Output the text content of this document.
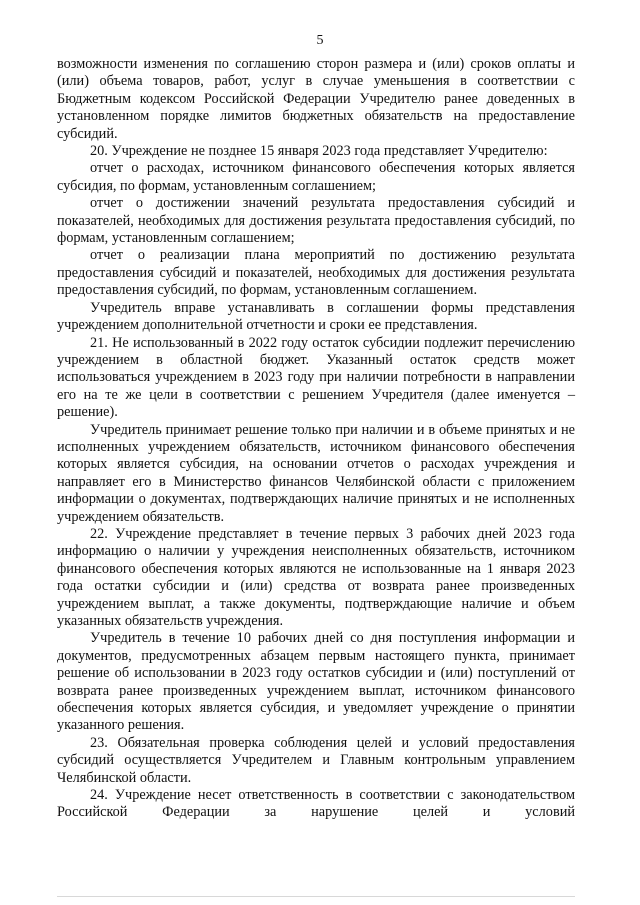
5

возможности изменения по соглашению сторон размера и (или) сроков оплаты и (или) объема товаров, работ, услуг в случае уменьшения в соответствии с Бюджетным кодексом Российской Федерации Учредителю ранее доведенных в установленном порядке лимитов бюджетных обязательств на предоставление субсидий.

20. Учреждение не позднее 15 января 2023 года представляет Учредителю:

отчет о расходах, источником финансового обеспечения которых является субсидия, по формам, установленным соглашением;

отчет о достижении значений результата предоставления субсидий и показателей, необходимых для достижения результата предоставления субсидий, по формам, установленным соглашением;

отчет о реализации плана мероприятий по достижению результата предоставления субсидий и показателей, необходимых для достижения результата предоставления субсидий, по формам, установленным соглашением.

Учредитель вправе устанавливать в соглашении формы представления учреждением дополнительной отчетности и сроки ее представления.

21. Не использованный в 2022 году остаток субсидии подлежит перечислению учреждением в областной бюджет. Указанный остаток средств может использоваться учреждением в 2023 году при наличии потребности в направлении его на те же цели в соответствии с решением Учредителя (далее именуется – решение).

Учредитель принимает решение только при наличии и в объеме принятых и не исполненных учреждением обязательств, источником финансового обеспечения которых является субсидия, на основании отчетов о расходах учреждения и направляет его в Министерство финансов Челябинской области с приложением информации о документах, подтверждающих наличие принятых и не исполненных учреждением обязательств.

22. Учреждение представляет в течение первых 3 рабочих дней 2023 года информацию о наличии у учреждения неисполненных обязательств, источником финансового обеспечения которых являются не использованные на 1 января 2023 года остатки субсидии и (или) средства от возврата ранее произведенных учреждением выплат, а также документы, подтверждающие наличие и объем указанных обязательств учреждения.

Учредитель в течение 10 рабочих дней со дня поступления информации и документов, предусмотренных абзацем первым настоящего пункта, принимает решение об использовании в 2023 году остатков субсидии и (или) поступлений от возврата ранее произведенных учреждением выплат, источником финансового обеспечения которых является субсидия, и уведомляет учреждение о принятии указанного решения.

23. Обязательная проверка соблюдения целей и условий предоставления субсидий осуществляется Учредителем и Главным контрольным управлением Челябинской области.

24. Учреждение несет ответственность в соответствии с законодательством Российской Федерации за нарушение целей и условий
